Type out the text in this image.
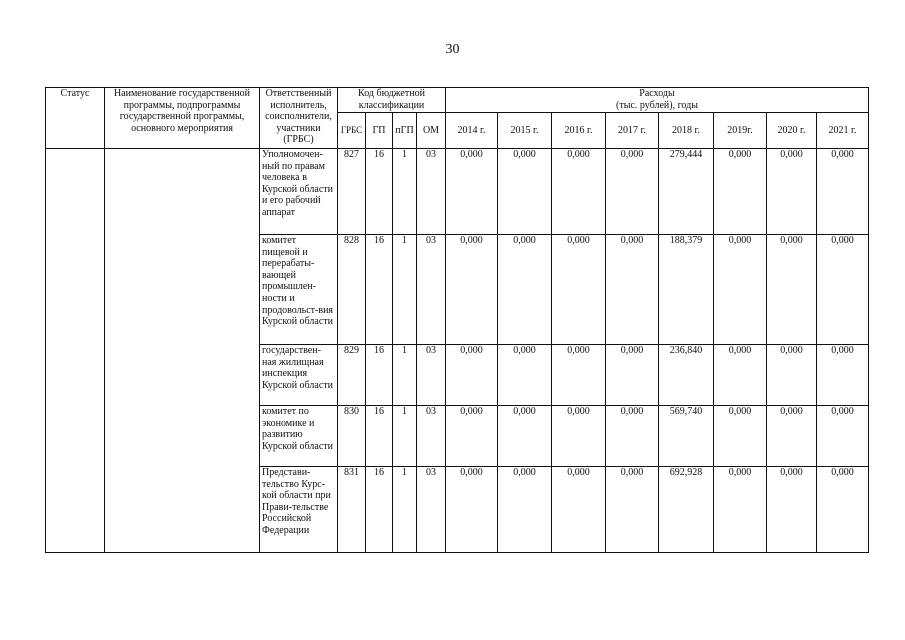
30
Статус	Наименование государственной программы, подпрограммы государственной программы, основного мероприятия	Ответственный исполнитель, соисполнители, участники (ГРБС)	Код бюджетной классификации				Расходы
(тыс. рублей), годы							

			ГРБС	ГП	пГП	ОМ	2014 г.	2015 г.	2016 г.	2017 г.	2018 г.	2019г.	2020 г.	2021 г.
		Уполномочен-ный по правам человека в Курской области и его рабочий аппарат	827	16	1	03	0,000	0,000	0,000	0,000	279,444	0,000	0,000	0,000
		комитет пищевой и перерабаты-вающей промышлен-ности и продовольст-вия Курской области	828	16	1	03	0,000	0,000	0,000	0,000	188,379	0,000	0,000	0,000
		государствен-ная жилищная инспекция Курской области	829	16	1	03	0,000	0,000	0,000	0,000	236,840	0,000	0,000	0,000
		комитет по экономике и развитию Курской области	830	16	1	03	0,000	0,000	0,000	0,000	569,740	0,000	0,000	0,000
		Представи-тельство Курс-кой области при Прави-тельстве Российской Федерации	831	16	1	03	0,000	0,000	0,000	0,000	692,928	0,000	0,000	0,000
